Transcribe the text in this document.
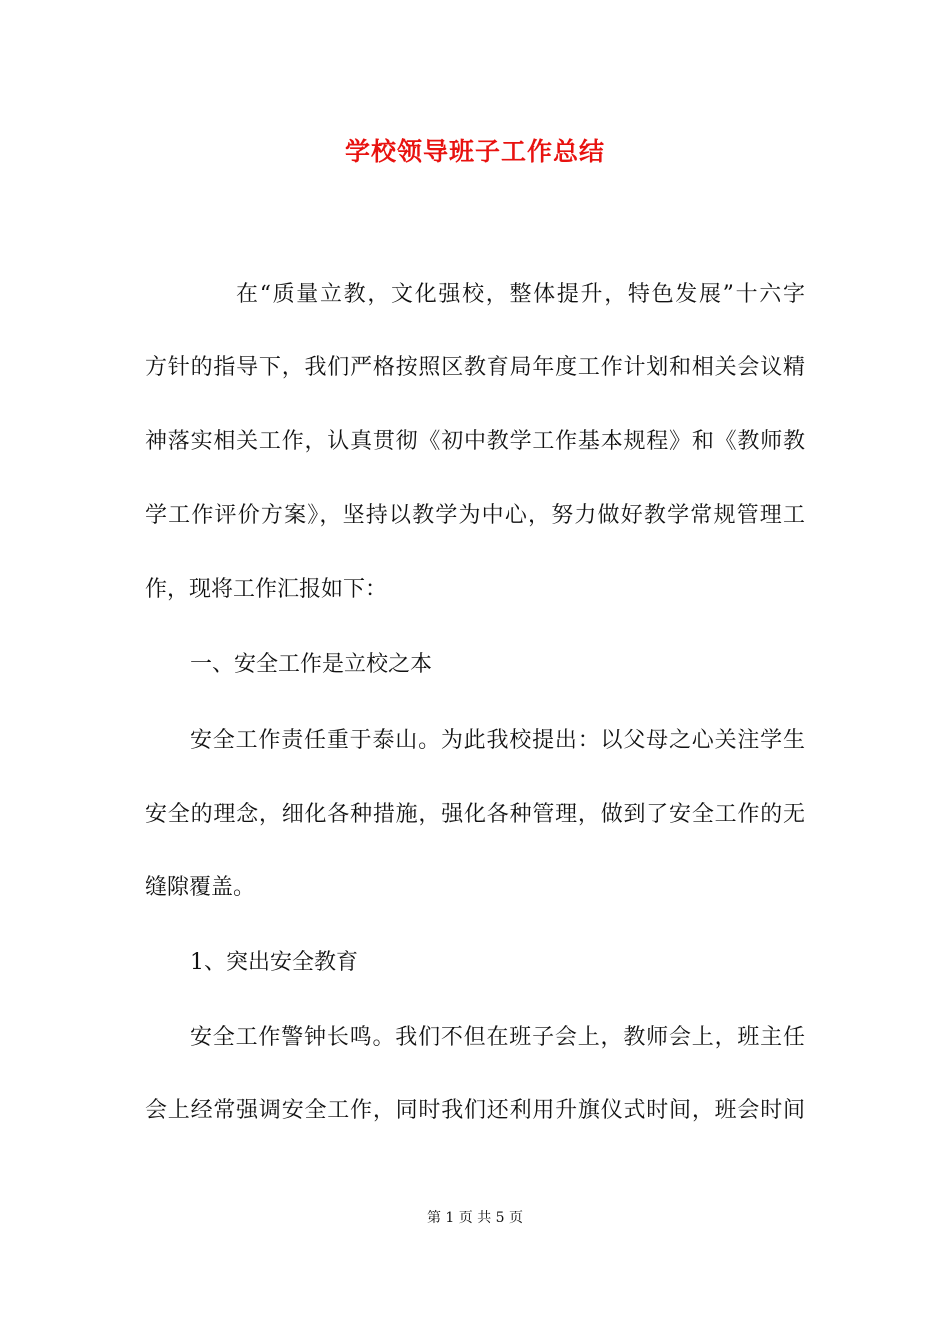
学校领导班子工作总结
在“质量立教，文化强校，整体提升，特色发展”十六字
方针的指导下，我们严格按照区教育局年度工作计划和相关会议精
神落实相关工作，认真贯彻《初中教学工作基本规程》和《教师教
学工作评价方案》，坚持以教学为中心，努力做好教学常规管理工
作，现将工作汇报如下：
一、安全工作是立校之本
安全工作责任重于泰山。为此我校提出：以父母之心关注学生
安全的理念，细化各种措施，强化各种管理，做到了安全工作的无
缝隙覆盖。
1、突出安全教育
安全工作警钟长鸣。我们不但在班子会上，教师会上，班主任
会上经常强调安全工作，同时我们还利用升旗仪式时间，班会时间
第 1 页 共 5 页
